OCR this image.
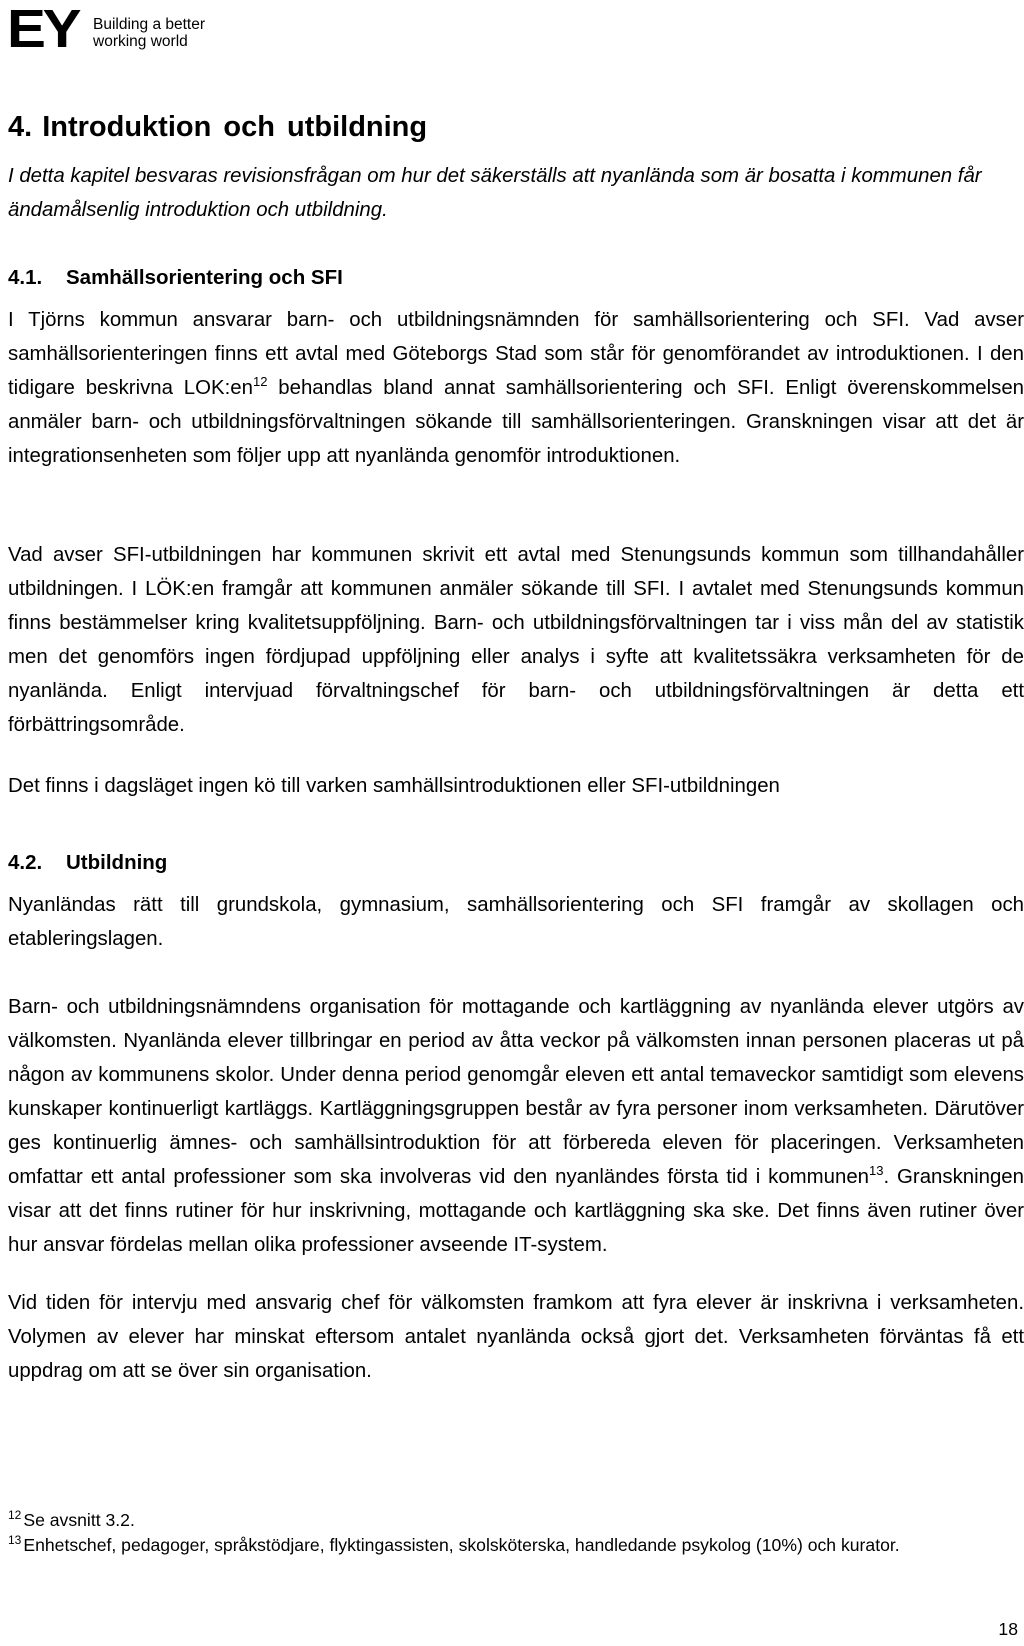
EY Building a better
working world
4. Introduktion och utbildning

I detta kapitel besvaras revisionsfrågan om hur det säkerställs att nyanlända som är bosatta i kommunen får ändamålsenlig introduktion och utbildning.

4.1. Samhällsorientering och SFI

I Tjörns kommun ansvarar barn- och utbildningsnämnden för samhällsorientering och SFI. Vad avser samhällsorienteringen finns ett avtal med Göteborgs Stad som står för genomförandet av introduktionen. I den tidigare beskrivna $LOK:en^{12}$ behandlas bland annat samhällsorientering och SFI. Enligt överenskommelsen anmäler barn- och utbildningsförvaltningen sökande till samhällsorienteringen. Granskningen visar att det är integrationsenheten som följer upp att nyanlända genomför introduktionen.

Vad avser SFI-utbildningen har kommunen skrivit ett avtal med Stenungsunds kommun som tillhandahåller utbildningen. I LÖK:en framgår att kommunen anmäler sökande till SFI. I avtalet med Stenungsunds kommun finns bestämmelser kring kvalitetsuppföljning. Barn- och utbildningsförvaltningen tar i viss mån del av statistik men det genomförs ingen fördjupad uppföljning eller analys i syfte att kvalitetssäkra verksamheten för de nyanlända. Enligt intervjuad förvaltningschef för barn- och utbildningsförvaltningen är detta ett förbättringsområde.

Det finns i dagsläget ingen kö till varken samhällsintroduktionen eller SFI-utbildningen

4.2. Utbildning

Nyanländas rätt till grundskola, gymnasium, samhällsorientering och SFI framgår av skollagen och etableringslagen.

Barn- och utbildningsnämndens organisation för mottagande och kartläggning av nyanlända elever utgörs av välkomsten. Nyanlända elever tillbringar en period av åtta veckor på välkomsten innan personen placeras ut på någon av kommunens skolor. Under denna period genomgår eleven ett antal temaveckor samtidigt som elevens kunskaper kontinuerligt kartläggs. Kartläggningsgruppen består av fyra personer inom verksamheten. Därutöver ges kontinuerlig ämnes- och samhällsintroduktion för att förbereda eleven för placeringen. Verksamheten omfattar ett antal professioner som ska involveras vid den nyanländes första tid i kommunen$^{13}$. Granskningen visar att det finns rutiner för hur inskrivning, mottagande och kartläggning ska ske. Det finns även rutiner över hur ansvar fördelas mellan olika professioner avseende IT-system.

Vid tiden för intervju med ansvarig chef för välkomsten framkom att fyra elever är inskrivna i verksamheten. Volymen av elever har minskat eftersom antalet nyanlända också gjort det. Verksamheten förväntas få ett uppdrag om att se över sin organisation.

$^{12}$ Se avsnitt 3.2.
$^{13}$ Enhetschef, pedagoger, språkstödjare, flyktingassisten, skolsköterska, handledande psykolog (10%) och kurator.
18
